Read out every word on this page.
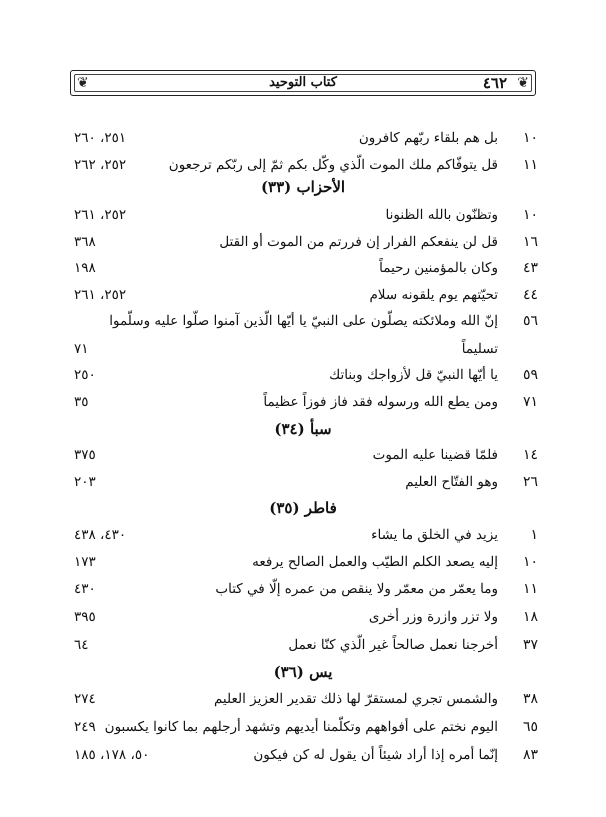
❦	كتاب التوحيد	٤٦٢ ❦
١٠
بل هم بلقاء ربّهم كافرون
٢٥١، ٢٦٠
١١
قل يتوفّاكم ملك الموت الّذي وكّل بكم ثمّ إلى ربّكم ترجعون
٢٥٢، ٢٦٢
الأحزاب (٣٣)
١٠
وتظنّون بالله الظنونا
٢٥٢، ٢٦١
١٦
قل لن ينفعكم الفرار إن فررتم من الموت أو القتل
٣٦٨
٤٣
وكان بالمؤمنين رحيماً
١٩٨
٤٤
تحيّتهم يوم يلقونه سلام
٢٥٢، ٢٦١
٥٦
إنّ الله وملائكته يصلّون على النبيّ يا أيّها الّذين آمنوا صلّوا عليه وسلّموا
تسليماً
٧١
٥٩
يا أيّها النبيّ قل لأزواجك وبناتك
٢٥٠
٧١
ومن يطع الله ورسوله فقد فاز فوزاً عظيماً
٣٥
سبأ (٣٤)
١٤
فلمّا قضينا عليه الموت
٣٧٥
٢٦
وهو الفتّاح العليم
٢٠٣
فاطر (٣٥)
١
يزيد في الخلق ما يشاء
٤٣٠، ٤٣٨
١٠
إليه يصعد الكلم الطيّب والعمل الصالح يرفعه
١٧٣
١١
وما يعمّر من معمّر ولا ينقص من عمره إلّا في كتاب
٤٣٠
١٨
ولا تزر وازرة وزر أخرى
٣٩٥
٣٧
أخرجنا نعمل صالحاً غير الّذي كنّا نعمل
٦٤
يس (٣٦)
٣٨
والشمس تجري لمستقرّ لها ذلك تقدير العزيز العليم
٢٧٤
٦٥
اليوم نختم على أفواههم وتكلّمنا أيديهم وتشهد أرجلهم بما كانوا يكسبون
٢٤٩
٨٣
إنّما أمره إذا أراد شيئاً أن يقول له كن فيكون
٥٠، ١٧٨، ١٨٥
